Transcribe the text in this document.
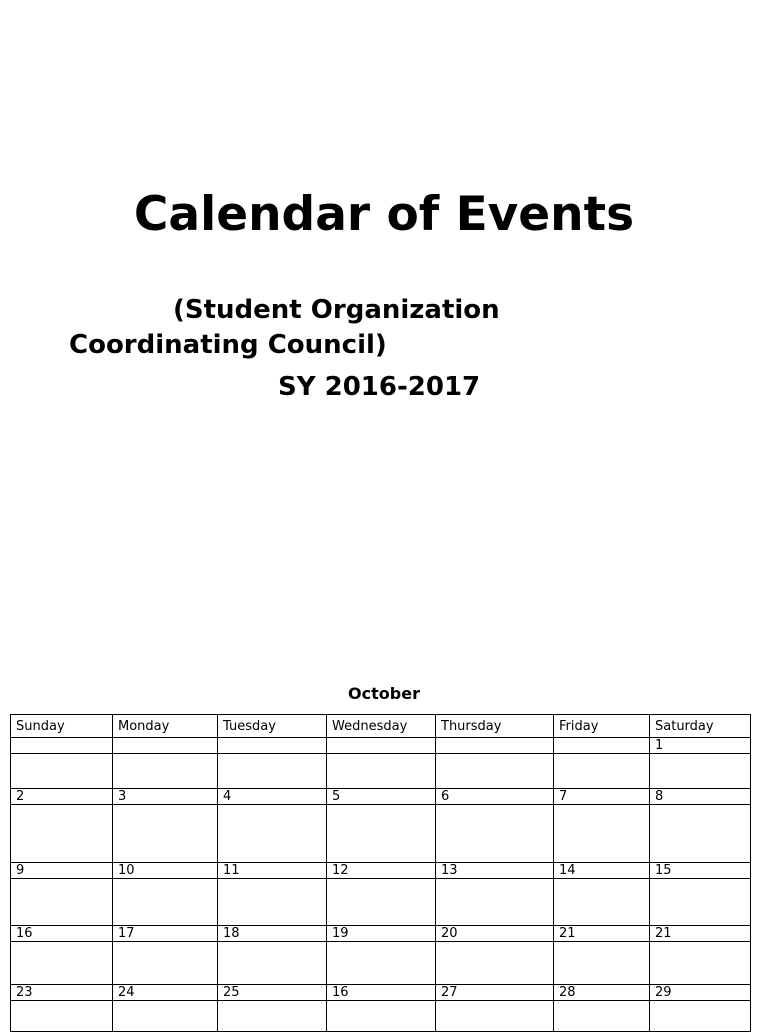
Calendar of Events
(Student Organization Coordinating Council)
SY 2016-2017
October
Sunday	Monday	Tuesday	Wednesday	Thursday	Friday	Saturday
						1

2	3	4	5	6	7	8

9	10	11	12	13	14	15

16	17	18	19	20	21	21

23	24	25	16	27	28	29
